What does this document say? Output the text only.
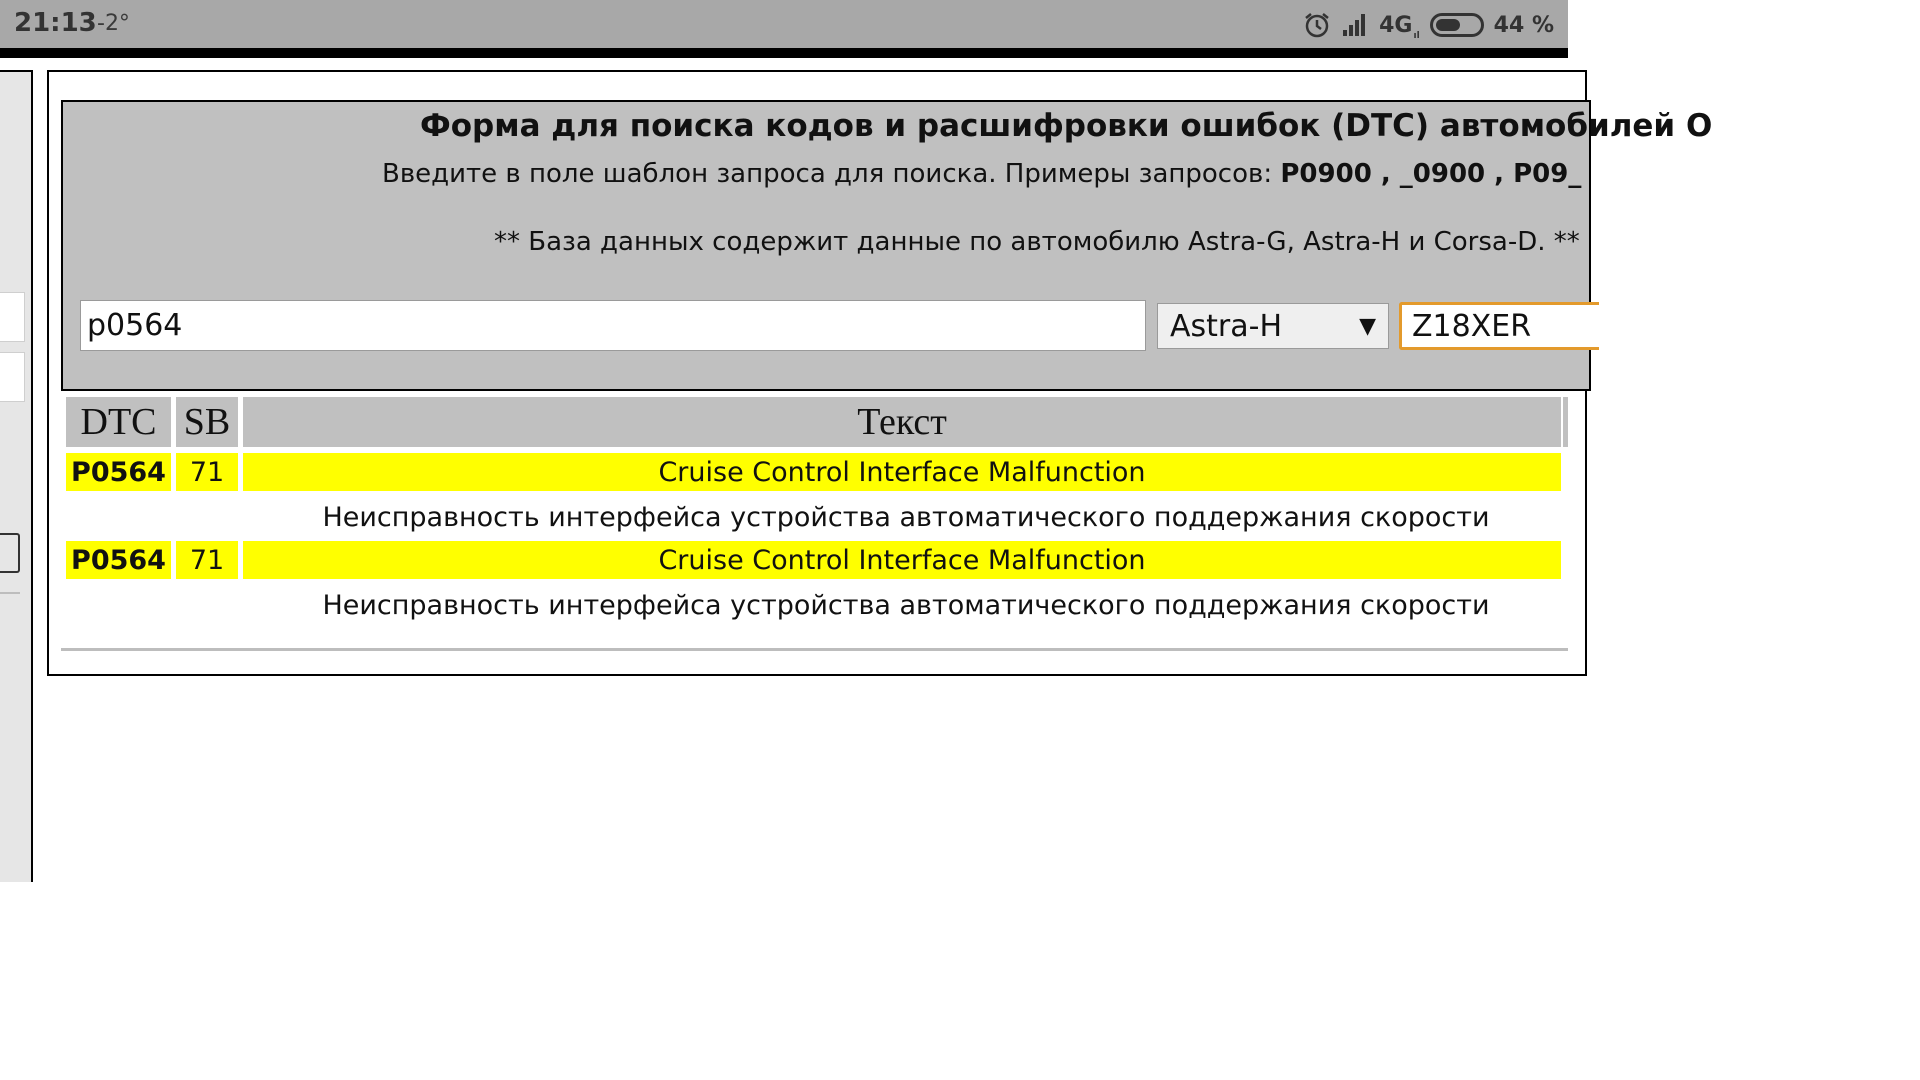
21:13 -2°	$4G_{ıl}$	44 %
Форма для поиска кодов и расшифровки ошибок (DTC) автомобилей О
Введите в поле шаблон запроса для поиска. Примеры запросов: P0900 , _0900 , P09_
** База данных содержит данные по автомобилю Astra-G, Astra-H и Corsa-D. **
p0564
Astra-H	▼ Z18XER
DTC SB	Текст
P0564 71	Cruise Control Interface Malfunction
Неисправность интерфейса устройства автоматического поддержания скорости
P0564 71	Cruise Control Interface Malfunction
Неисправность интерфейса устройства автоматического поддержания скорости
